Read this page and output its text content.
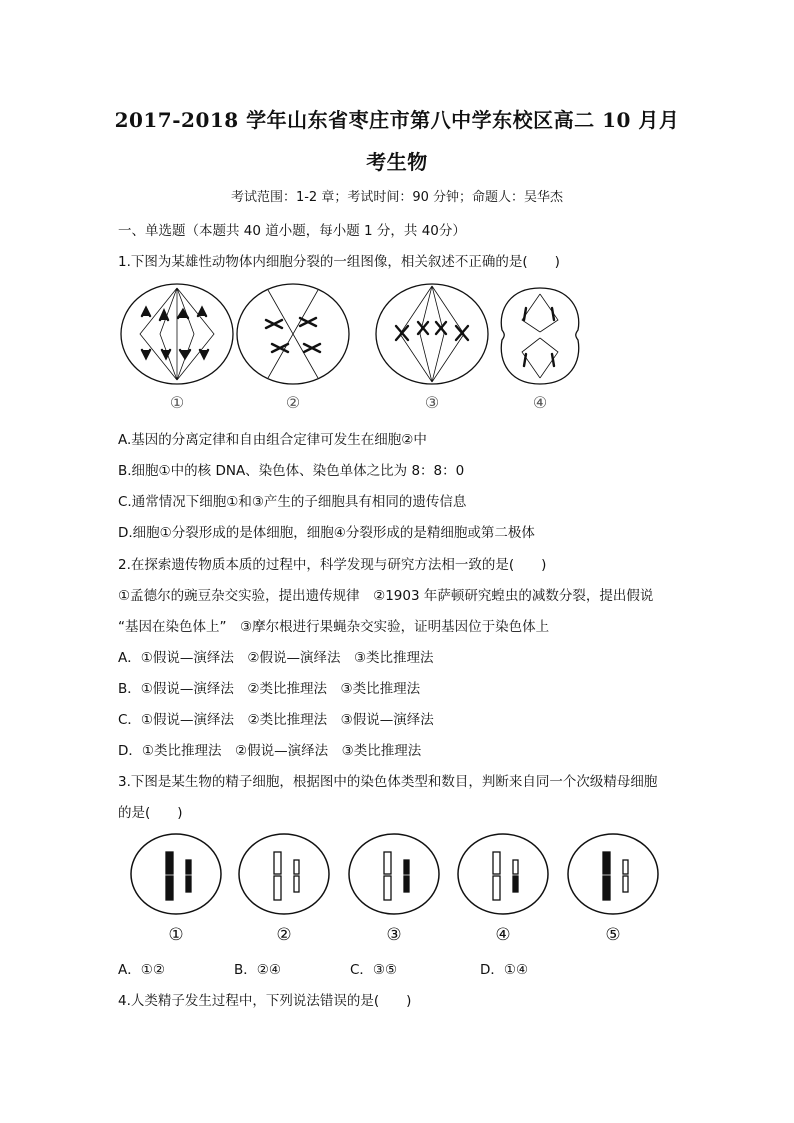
2017-2018 学年山东省枣庄市第八中学东校区高二 10 月月
考生物
考试范围：1-2 章；考试时间：90 分钟；命题人：吴华杰
一、单选题（本题共 40 道小题，每小题 1 分，共 40分）
1.下图为某雄性动物体内细胞分裂的一组图像，相关叙述不正确的是(　　)
①	②	③	④
A.基因的分离定律和自由组合定律可发生在细胞②中
B.细胞①中的核 DNA、染色体、染色单体之比为 8：8：0
C.通常情况下细胞①和③产生的子细胞具有相同的遗传信息
D.细胞①分裂形成的是体细胞，细胞④分裂形成的是精细胞或第二极体
2.在探索遗传物质本质的过程中，科学发现与研究方法相一致的是(　　)
①孟德尔的豌豆杂交实验，提出遗传规律　②1903 年萨顿研究蝗虫的减数分裂，提出假说
“基因在染色体上”　③摩尔根进行果蝇杂交实验，证明基因位于染色体上
A．①假说—演绎法　②假说—演绎法　③类比推理法
B．①假说—演绎法　②类比推理法　③类比推理法
C．①假说—演绎法　②类比推理法　③假说—演绎法
D．①类比推理法　②假说—演绎法　③类比推理法
3.下图是某生物的精子细胞，根据图中的染色体类型和数目，判断来自同一个次级精母细胞
的是(　　)
①	②	③	④	⑤
A．①②	B．②④	C．③⑤	D．①④
4.人类精子发生过程中，下列说法错误的是(　　)
